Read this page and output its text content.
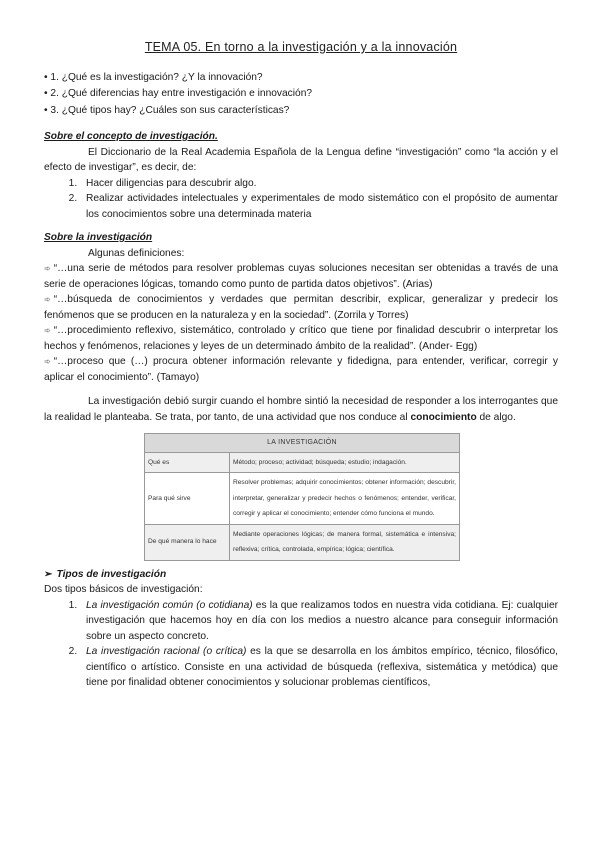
TEMA 05. En torno a la investigación y a la innovación
• 1. ¿Qué es la investigación? ¿Y la innovación?
• 2. ¿Qué diferencias hay entre investigación e innovación?
• 3. ¿Qué tipos hay? ¿Cuáles son sus características?
Sobre el concepto de investigación.
El Diccionario de la Real Academia Española de la Lengua define “investigación” como “la acción y el efecto de investigar”, es decir, de:
1. Hacer diligencias para descubrir algo.
2. Realizar actividades intelectuales y experimentales de modo sistemático con el propósito de aumentar los conocimientos sobre una determinada materia
Sobre la investigación
Algunas definiciones:
➾ “…una serie de métodos para resolver problemas cuyas soluciones necesitan ser obtenidas a través de una serie de operaciones lógicas, tomando como punto de partida datos objetivos”. (Arias)
➾ “…búsqueda de conocimientos y verdades que permitan describir, explicar, generalizar y predecir los fenómenos que se producen en la naturaleza y en la sociedad”. (Zorrila y Torres)
➾ “…procedimiento reflexivo, sistemático, controlado y crítico que tiene por finalidad descubrir o interpretar los hechos y fenómenos, relaciones y leyes de un determinado ámbito de la realidad”. (Ander- Egg)
➾ “…proceso que (…) procura obtener información relevante y fidedigna, para entender, verificar, corregir y aplicar el conocimiento”. (Tamayo)
La investigación debió surgir cuando el hombre sintió la necesidad de responder a los interrogantes que la realidad le planteaba. Se trata, por tanto, de una actividad que nos conduce al conocimiento de algo.
LA INVESTIGACIÓN	
Qué es	Método; proceso; actividad; búsqueda; estudio; indagación.
Para qué sirve	Resolver problemas; adquirir conocimientos; obtener información; descubrir, interpretar, generalizar y predecir hechos o fenómenos; entender, verificar, corregir y aplicar el conocimiento; entender cómo funciona el mundo.
De qué manera lo hace	Mediante operaciones lógicas; de manera formal, sistemática e intensiva; reflexiva; crítica, controlada, empírica; lógica; científica.
➢ Tipos de investigación
Dos tipos básicos de investigación:
1. La investigación común (o cotidiana) es la que realizamos todos en nuestra vida cotidiana. Ej: cualquier investigación que hacemos hoy en día con los medios a nuestro alcance para conseguir información sobre un aspecto concreto.
2. La investigación racional (o crítica) es la que se desarrolla en los ámbitos empírico, técnico, filosófico, científico o artístico. Consiste en una actividad de búsqueda (reflexiva, sistemática y metódica) que tiene por finalidad obtener conocimientos y solucionar problemas científicos,
